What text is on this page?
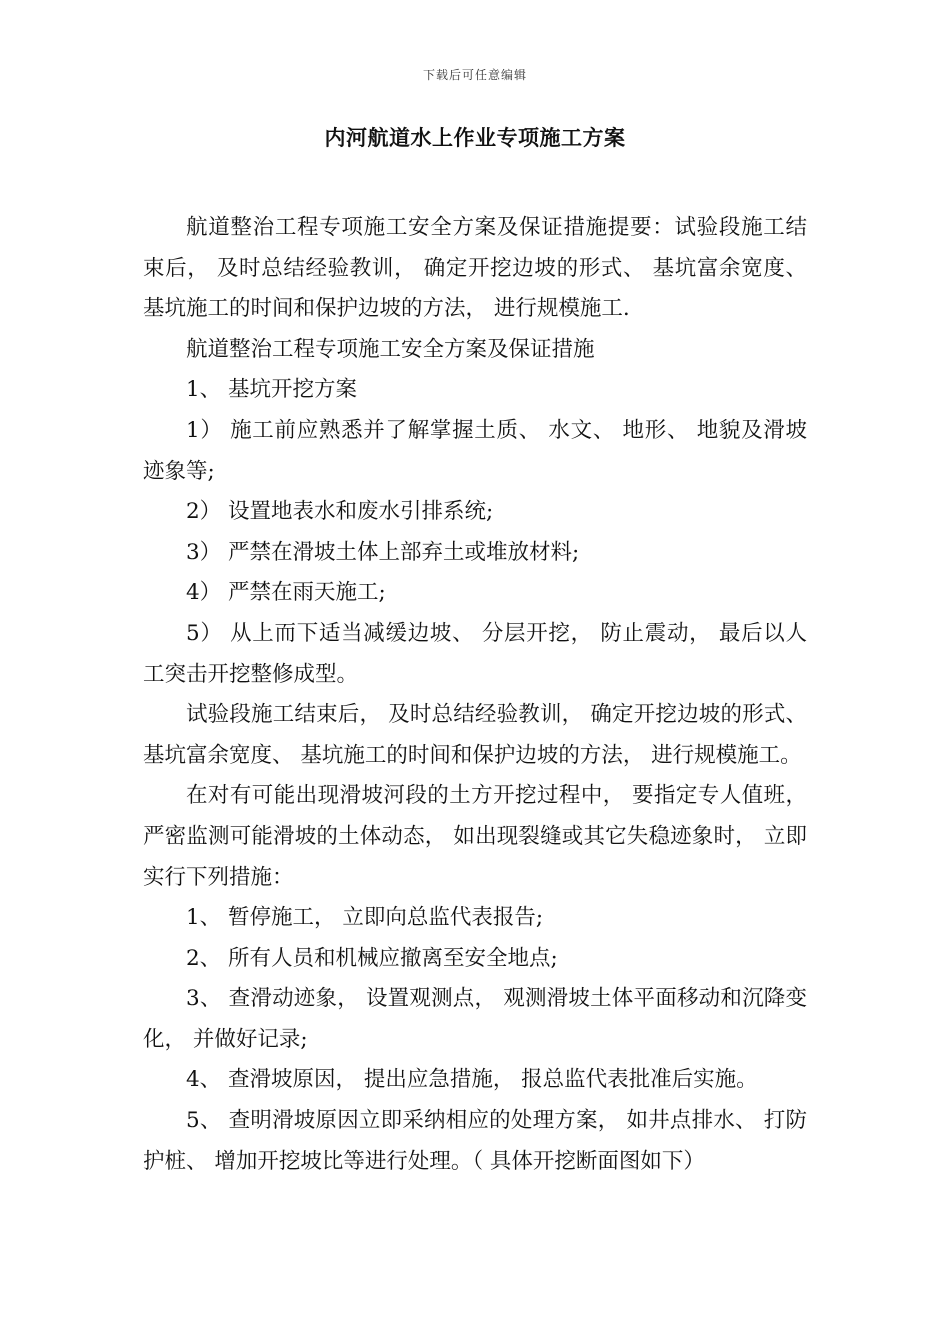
下载后可任意编辑
内河航道水上作业专项施工方案

航道整治工程专项施工安全方案及保证措施提要：试验段施工结束后， 及时总结经验教训， 确定开挖边坡的形式、 基坑富余宽度、 基坑施工的时间和保护边坡的方法， 进行规模施工.

航道整治工程专项施工安全方案及保证措施

1、 基坑开挖方案

1） 施工前应熟悉并了解掌握土质、 水文、 地形、 地貌及滑坡迹象等;

2） 设置地表水和废水引排系统;

3） 严禁在滑坡土体上部弃土或堆放材料;

4） 严禁在雨天施工;

5） 从上而下适当减缓边坡、 分层开挖， 防止震动， 最后以人工突击开挖整修成型。

试验段施工结束后， 及时总结经验教训， 确定开挖边坡的形式、 基坑富余宽度、 基坑施工的时间和保护边坡的方法， 进行规模施工。

在对有可能出现滑坡河段的土方开挖过程中， 要指定专人值班， 严密监测可能滑坡的土体动态， 如出现裂缝或其它失稳迹象时， 立即实行下列措施：

1、 暂停施工， 立即向总监代表报告;

2、 所有人员和机械应撤离至安全地点;

3、 查滑动迹象， 设置观测点， 观测滑坡土体平面移动和沉降变化， 并做好记录;

4、 查滑坡原因， 提出应急措施， 报总监代表批准后实施。

5、 查明滑坡原因立即采纳相应的处理方案， 如井点排水、 打防护桩、 增加开挖坡比等进行处理。（ 具体开挖断面图如下）
